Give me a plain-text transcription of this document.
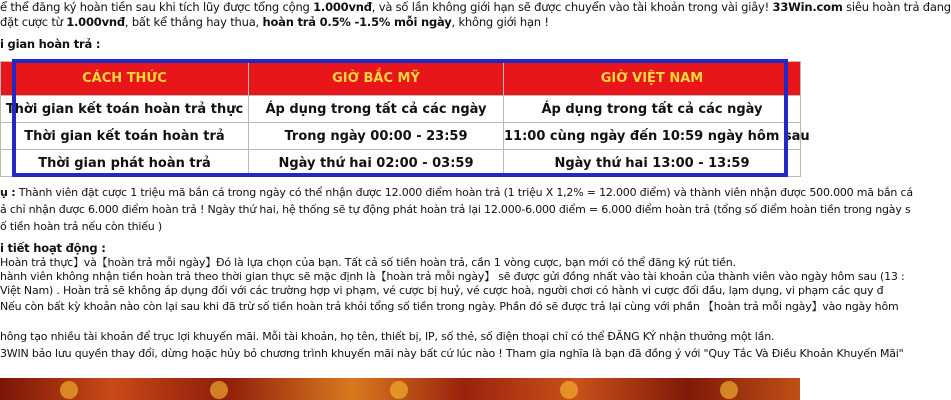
ể thể đăng ký hoàn tiền sau khi tích lũy được tổng cộng 1.000vnđ, và số lần không giới hạn sẽ được chuyển vào tài khoản trong vài giây! 33Win.com siêu hoàn trả đang
đặt cược từ 1.000vnđ, bất kể thắng hay thua, hoàn trả 0.5% -1.5% mỗi ngày, không giới hạn !
i gian hoàn trả :
CÁCH THỨC	GIỜ BẮC MỸ	GIỜ VIỆT NAM
Thời gian kết toán hoàn trả thực	Áp dụng trong tất cả các ngày	Áp dụng trong tất cả các ngày
Thời gian kết toán hoàn trả	Trong ngày 00:00 - 23:59	11:00 cùng ngày đến 10:59 ngày hôm sau
Thời gian phát hoàn trả	Ngày thứ hai 02:00 - 03:59	Ngày thứ hai 13:00 - 13:59
ụ : Thành viên đặt cược 1 triệu mã bắn cá trong ngày có thể nhận được 12.000 điểm hoàn trả (1 triệu X 1,2% = 12.000 điểm) và thành viên nhận được 500.000 mã bắn cá
ả chỉ nhận được 6.000 điểm hoàn trả ! Ngày thứ hai, hệ thống sẽ tự động phát hoàn trả lại 12.000-6.000 điểm = 6.000 điểm hoàn trả (tổng số điểm hoàn tiền trong ngày s
ố tiền hoàn trả nếu còn thiếu )
i tiết hoạt động :
Hoàn trả thực】và【hoàn trả mỗi ngày】Đó là lựa chọn của bạn. Tất cả số tiền hoàn trả, cần 1 vòng cược, bạn mới có thể đăng ký rút tiền.
hành viên không nhận tiền hoàn trả theo thời gian thực sẽ mặc định là【hoàn trả mỗi ngày】 sẽ được gửi đồng nhất vào tài khoản của thành viên vào ngày hôm sau (13 :
Việt Nam) . Hoàn trả sẽ không áp dụng đối với các trường hợp vi phạm, vé cược bị huỷ, vé cược hoà, người chơi có hành vi cược đối đầu, lạm dụng, vi phạm các quy đ
Nếu còn bất kỳ khoản nào còn lại sau khi đã trừ số tiền hoàn trả khỏi tổng số tiền trong ngày. Phần đó sẽ được trả lại cùng với phần 【hoàn trả mỗi ngày】vào ngày hôm
hông tạo nhiều tài khoản để trục lợi khuyến mãi. Mỗi tài khoản, họ tên, thiết bị, IP, số thẻ, số điện thoại chỉ có thể ĐĂNG KÝ nhận thưởng một lần.
3WIN bảo lưu quyền thay đổi, dừng hoặc hủy bỏ chương trình khuyến mãi này bất cứ lúc nào ! Tham gia nghĩa là bạn đã đồng ý với "Quy Tắc Và Điều Khoản Khuyến Mãi"
